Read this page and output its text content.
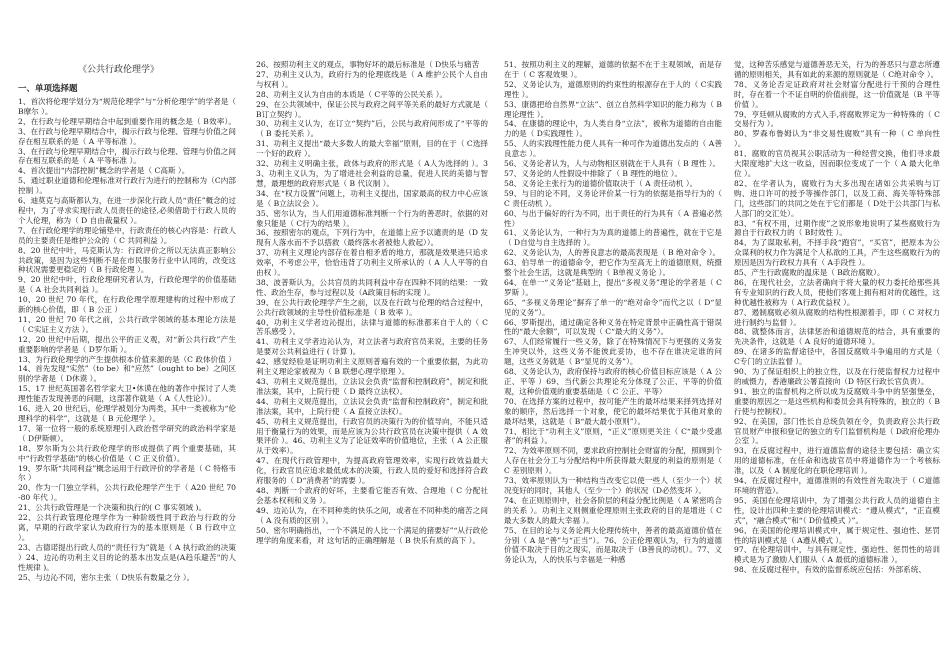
《公共行政伦理学》
一、单项选择题

1、首次将伦理学划分为“规范伦理学”与“分析伦理学”的学者是（ B摩尔 ）。

2、在行政与伦理早期结合中起到重要作用的概念是（ B效率）。3、在行政与伦理早期结合中，揭示行政与伦理、管理与价值之间存在相互联系的是（ A 平等标准 ）。

3、在行政与伦理早期结合中，揭示行政与伦理、管理与价值之间存在相互联系的是（ A 平等标准 ）。

4、首次提出“内部控制”概念的学者是（ C高斯 ）。

5、通过职业道德和伦理标准对行政行为进行的控制称为（C内部控制 ）。

6、迪莫克与高斯都认为，在进一步深化行政人员“责任”概念的过程中，为了寻求实现行政人员责任的途径,必须借助于行政人员的个人伦理，称为（ D 自由裁量权 ）。

7、在行政伦理学的理论铺垫中，行政责任的核心内容是：行政人员的主要责任是维护公众的（ C 共同利益 ）。

8、20 世纪中叶，马克斯认为：行政评价之所以无法真正影响公共政策，是因为这些判断不是在市民服务行业中认同的，改变这种状况需要更稳定的（ B 行政伦理 ）。

9、20 世纪中叶，行政伦理研究者认为，行政伦理学的价值基础是（ A 社会共同利益 ）。

10、20 世纪 70 年代，在行政伦理学原理建构的过程中形成了新的核心价值，即（ B 公正 ）

11、20 世纪 70 年代之前，公共行政学领域的基本理论方法是（ C实证主义方法 ）。

12、20 世纪中后期，提出公平的正义观，对“新公共行政”产生重要影响的学者是（ D罗尔斯 ）。

13、为行政伦理学的产生提供根本价值来源的是（C 政体价值 ）

14、首先发现“实然”（to be）和“应然”（ought to be）之间区别的学者是（ D休谟 ）。

15、17 世纪英国著名哲学家大卫•休谟在他的著作中探讨了人类理性能否发现善恶的问题，这部著作就是（ A《人性论》）。

16、进入 20 世纪后，伦理学被划分为两类，其中一类被称为“伦理科学的科学”，这就是（ B 元伦理学 ）。

17、第一位将一般的系统原理引入政治哲学研究的政治科学家是（ D伊斯顿）。

18、罗尔斯为公共行政伦理学的形成提供了两个重要基础，其中“行政哲学基础”的核心价值是（ C 正义价值）。

19、罗尔斯“共同利益”概念运用于行政评价的学者是（ C 特格韦尔 ）

20、作为一门独立学科，公共行政伦理学产生于（ A20 世纪 70-80 年代 ）。

21、公共行政管理是一个决策和执行的( C 事实领域 )。

22、公共行政管理伦理学作为一种阶级性同于政治与行政的分离，早期的行政学家认为政府行为的基本原则是（ B 行政中立 ）。

23、古德诺提出行政人员的“责任行为”就是（ A 执行政治的决策 ）24、边沁的功利主义目的论的基本出发点是(A趋乐避苦"的人性规律 )。

25、与边沁不同，密尔主张（ D快乐有数量之分 ）。

26、按照功利主义的观点，事物好坏的最后标准是（ D快乐与痛苦

27、功利主义认为，政府行为的伦理底线是（ A 维护公民个人自由与权利 ）。

28、功利主义认为自由的本质是（ C平等的公民关系 ）。

29、在公共领域中，保证公民与政府之间平等关系的最好方式就是（ B订立契约 ）。

30、功利主义认为，在订立“契约”后，公民与政府间形成了“平等的（ B 委托关系 ）。

31、功利主义提出“最大多数人的最大幸福”原则，目的在于（ C选择一个好的政府 ）。

32、功利主义明确主张，政体与政府的形式是（ A人为选择的 ）。33、功利主义认为，为了增进社会利益的总量，促进人民的美德与智慧，最理想的政府形式是（ B 代议制 ）。

34、在“权力设置”问题上，功利主义提出，国家最高的权力中心应该是（ B立法议会 ）。

35、密尔认为，当人们用道德标准判断一个行为的善恶时，依据的对象只能是（ C行为的结果 ）。

36、按照密尔的观点，下列行为中，在道德上应予以谴责的是（D 发现有人落水而不予以搭救（最终落水者被他人救起））。

37、功利主义理论内部存在着自相矛盾的地方，那就是效果进只追求效率，不考虑公平，恰恰违背了功利主义所承认的（ A 人人平等的自由权 ）。

38、波普斯认为，公共官员的共同利益中存在四种不同的结果：一致性、政治生存，参与过程以及（A政策目标的实现 ）。

39、在公共行政伦理学产生之前，以及在行政与伦理的结合过程中，公共行政领域的主导性价值标准是（ B 效率 ）。

40、功利主义学者边沁提出，法律与道德的标准都来自于人的（ C 苦乐感受 ）。

41、功利主义学者边沁认为，对立法者与政府官员来说，主要的任务是要对公共利益进行 ( 计算 )。

42、感觉经验是证明功利主义原则普遍有效的一个重要依据，为此功利主义理论家被视为（ B 联想心理学原理 ）。

43、功利主义规范提出，立法议会负责“监督和控制政府”，制定和批准法案，其中，上院行使（ D 最终立法权）。

44、功利主义规范提出，立法议会负责“监督和控制政府”，制定和批准法案，其中，上院行使（ A 直接立法权）。

45、功利主义规范提出，行政官员的决策行为的价值导向，不能只适用于衡量行为的效果，而是应该为公共行政官员在决策中提供（ A 效果评价 ）。46、功利主义为了论证效率的价值地位，主张（ A 公正服从于效率）。

47、在现代行政管理中，为提高政府管理效率，实现行政效益最大化，行政官员应追求最低成本的决策，行政人员的爱好和选择符合政府服务的（ D“消费者”的需要 ）。

48、判断一个政府的好坏，主要看它能否有效、合理地（ C 分配社会基本权利和义务 ）。

49、边沁认为，在不同种类的快乐之间，或者在不同种类的痛苦之间（ A 没有质的区别 ）。

50、密尔明确指出，一个不满足的人比一个满足的猪要好”“从行政伦理学的角度来看，对 这句话的正确理解是（ B 快乐有质的高下 ）。

51、按照功利主义的理解，道德的依据不在于主观领域，而是存在于（ C 客观效果 ）。

52、义务论认为，道德原则的约束性的根源存在于人的（ C实践理性 ）。

53、康德把给自然界“立法”、创立自然科学知识的能力称为（ B理论理性 ）。

54、在康德的理论中，为人类自身“立法”，被称为道德的自由能力的是（ D实践理性 ）。

55、人的实践理性能力使人具有一种可作为道德出发点的（ A善良意志 ）。

56、义务论者认为，人与动物相区别就在于人具有（ B 理性 ）。

57、义务论的人性假设中排除了（ B 理性的地位 ）。

58、义务论主张行为的道德价值取决于（ A 责任动机 ）。

59、与目的论不同，义务论评价某一行为的依据是指导行为的（ C 责任动机 ）。

60、与出于偏好的行为不同，出于责任的行为具有（ A 普遍必然性）

61、义务论认为，一种行为为真的道德上的普遍性，就在于它是（ D自觉与自主选择的 ）。

62、义务论认为，人的善良意志的最高表现是（ B 绝对命令 ）。

63、伯导单一的道德命令，把它作为至高无上的道德原则，统摄整个社会生活，这就是典型的（ B单视义务论 ）。

64、在单一“义务论”基础上，提出“多视义务”理论的学者是（ C罗斯 ）。

65、“多视义务理论”摒弃了单一的“绝对命令”而代之以（ D“显见的义务”）。

66、罗斯提出，通过确定各种义务在特定背景中正确性高于错误性的“最大余额”，可以发现（ C“最大的义务”）。

67、人们经常履行一些义务，除了在特殊情况下与更强的义务发生冲突以外，这些义务不能彼此妥协，也不存在谁决定谁的问题，这些义务就是（ B“显见的义务”）。

68、义务论认为，政府保持与政府的核心价值目标应该是（ A 公正、平等 ）69、当代新公共理论充分体现了公正、平等的价值观，这种价值观的重要基础是（ C 公正、平等）

70、在选择方案的过程中，按可能产生的最坏结果来择列选择对象的顺序，然后选择一个对象，使它的最坏结果优于其他对象的最坏结果，这就是（ B“最大最小原则”）。

71、相比于“功利主义”原则，“正义”原则更关注（ C“最少受惠者”的利益 ）。

72、为效率原则不同，要求政府控制社会财富的分配，照顾到个人存在社会分工与分配结构中所获得最大限度的利益的原则是（ C 差别原则 ）。

73、效率原则认为一种结构当改变它以使一些人（至少一个）状况变好的同时，其他人（至少一个）的状况（D必然变坏 ）。

74、在正则原则中，社会各阶层的利益分配比例是（ A 紧密呜合的关系 ）。功利主义则侧重伦理原则主张政府的目的是增进（ C最大多数人的最大幸福 ）。

75、在目的论与义务论两大伦理传统中，善者的最高道德价值在分别（ A 是“善”与“正当”）。76、公正伦理观认为，行为的道德价值不取决于目的之现实，而是取决于（B善良的动机）。77、义务论认为，人的快乐与幸福是一种感

觉，这种苦乐感觉与道德善恶无关，行为的善恶只与意志所遵循的原则相关，具有如此的来源的原则就是（ C绝对命令 ）。

78、义务论否定证政府对社会财富分配进行干预的合理性时，存在着一个不证自明的价值前提，这一价值就是（B 平等价值 ）。

79、亨廷顿从腐败的方式入手,将腐败界定为一种特殊的（ C交易行为 ）。

80、罗森布鲁姆认为“非交易性腐败”具有一种（ C 单向性 ）。

81、腐败的官员视其公职活动为一种经营交换，他们寻求最大限度地扩大这一收益，因而职位变成了一个（ A 最大化单位 ）。

82、在学者认为，腐败行为大多出现在诸如公共采购与订购、进口许可的授予等操作部门，以及工商、海关等特殊部门，这些部门的共同之处在于它们都是（ D处于公共部门与私人部门的交汇处）。

83、“有权不用，过期作废”之说形象地说明了某些腐败行为源自于行政权力的（ B时效性 ）。

84、为了谋取私利，不择手段“跑官”，“买官”，把原本为公众谋利的权力作为满足个人私欲的工具，产生这些腐败行为的原因是因为行政权力具有（ A手段性 ）。

85、产生行政腐败的温床是（ B政治腐败）。

86、在现代社会，立法者确向于将大量的权力委托给那些具有专业知识的行政人员，使他们客观上拥有相对的优越性，这种优越性被称为（ A行政优益权 ）。

87、遏制腐败必须从腐败的结构性根源着手，即（ C 对权力进行制约与监督 ）。

88、就整体而言，法律惩治和道德规范的结合，具有重要的先决条件，这就是（ A 良好的道德环境 ）。

89、在诸多的监督途径中，各国反腐败斗争遍用的方式是（ C专门的立法监督 ）。

90、为了保证组织上的独立性，以及在行使监督权力过程中的威慑力，香港廉政公署直接向（D 特区行政长官负责）。

91、独立的监督机构之所以成为反腐败斗争中的坚强堡垒，重要的原因之一是这些机构和委员会具有特殊的，独立的（ B 行使与控制权）。

92、在美国，部门性长自总统负领在令，负责政府公共行政官员财产申报和登记的独立的专门监督机构是（ D政府伦理办公室 ）。

93、在反腐过程中，进行道德监督的途径主要包括：确立实用的道德标准，在任命和选拔官员中将道德作为一个考核标准，以及（ A 制度化的在职伦理培训 ）。

94、在反腐过程中，道德准则的有效性首先取决于（ C道德环境的营造）。

95、美国在伦理培训中，为了增强公共行政人员的道德自主性，设计出四种主要的伦理培训模式：“遵从模式”，“正直模式”，“融合模式”和“（ D价值模式 ）”。

96、在美国的伦理培训模式中，属于规定性、强迫性、惩罚性的培训模式是（ A遵从模式 ）。

97、在伦理培训中，与具有规定性、强迫性、惩罚性的培训模式是为了激励人们服从（ A 最低的道德标准 ）。

98、在反腐过程中，有效的监督系统应包括：外部系统、
